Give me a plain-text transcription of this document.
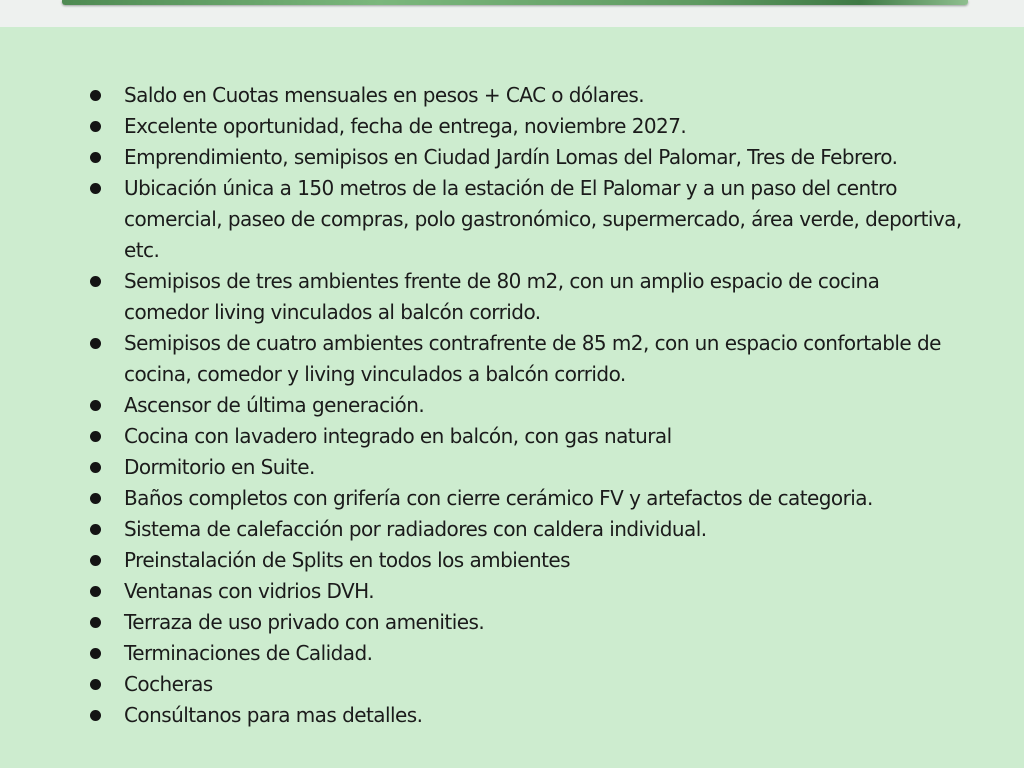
Saldo en Cuotas mensuales en pesos + CAC o dólares.
Excelente oportunidad, fecha de entrega, noviembre 2027.
Emprendimiento, semipisos en Ciudad Jardín Lomas del Palomar, Tres de Febrero.
Ubicación única a 150 metros de la estación de El Palomar y a un paso del centro comercial, paseo de compras, polo gastronómico, supermercado, área verde, deportiva, etc.
Semipisos de tres ambientes frente de 80 m2, con un amplio espacio de cocina comedor living vinculados al balcón corrido.
Semipisos de cuatro ambientes contrafrente de 85 m2, con un espacio confortable de cocina, comedor y living vinculados a balcón corrido.
Ascensor de última generación.
Cocina con lavadero integrado en balcón, con gas natural
Dormitorio en Suite.
Baños completos con grifería con cierre cerámico FV y artefactos de categoria.
Sistema de calefacción por radiadores con caldera individual.
Preinstalación de Splits en todos los ambientes
Ventanas con vidrios DVH.
Terraza de uso privado con amenities.
Terminaciones de Calidad.
Cocheras
Consúltanos para mas detalles.
